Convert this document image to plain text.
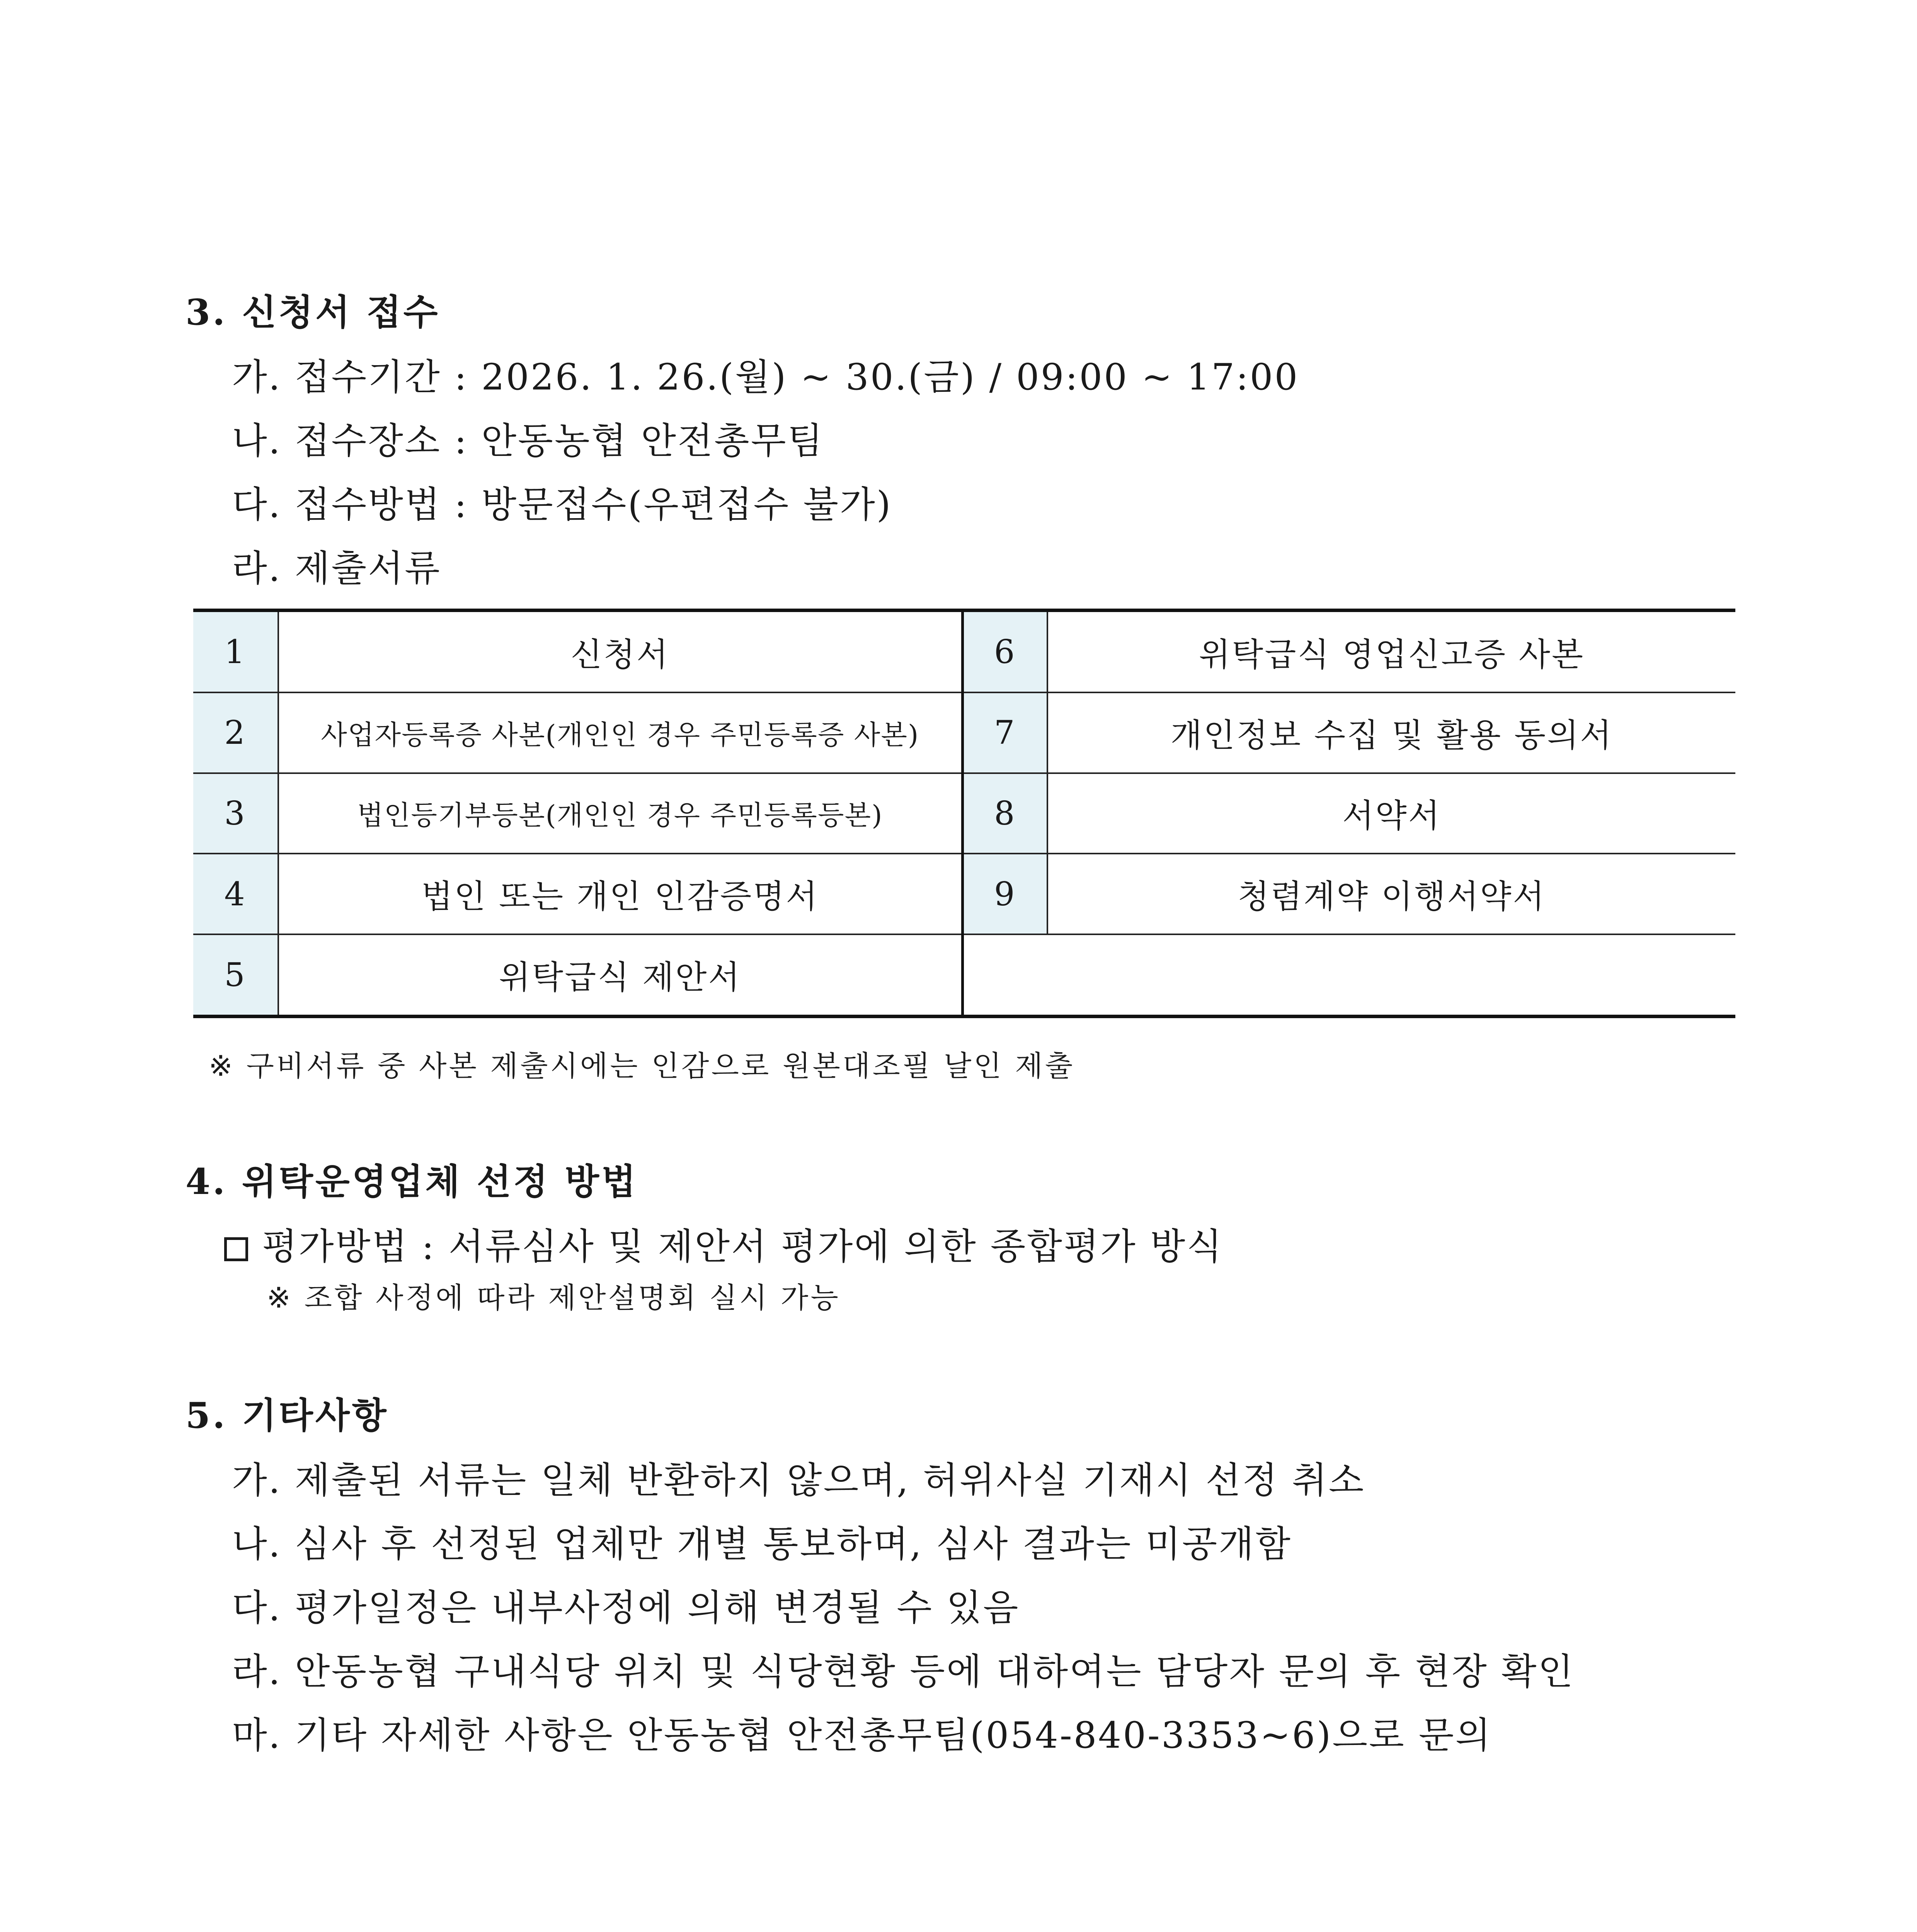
3. 신청서 접수

가. 접수기간 : 2026. 1. 26.(월) ~ 30.(금) / 09:00 ~ 17:00

나. 접수장소 : 안동농협 안전총무팀

다. 접수방법 : 방문접수(우편접수 불가)

라. 제출서류

1	신청서	6	위탁급식 영업신고증 사본
2	사업자등록증 사본(개인인 경우 주민등록증 사본)	7	개인정보 수집 및 활용 동의서
3	법인등기부등본(개인인 경우 주민등록등본)	8	서약서
4	법인 또는 개인 인감증명서	9	청렴계약 이행서약서
5	위탁급식 제안서		

※ 구비서류 중 사본 제출시에는 인감으로 원본대조필 날인 제출

4. 위탁운영업체 선정 방법

평가방법 : 서류심사 및 제안서 평가에 의한 종합평가 방식

※ 조합 사정에 따라 제안설명회 실시 가능

5. 기타사항

가. 제출된 서류는 일체 반환하지 않으며, 허위사실 기재시 선정 취소

나. 심사 후 선정된 업체만 개별 통보하며, 심사 결과는 미공개함

다. 평가일정은 내부사정에 의해 변경될 수 있음

라. 안동농협 구내식당 위치 및 식당현황 등에 대하여는 담당자 문의 후 현장 확인

마. 기타 자세한 사항은 안동농협 안전총무팀(054-840-3353~6)으로 문의
